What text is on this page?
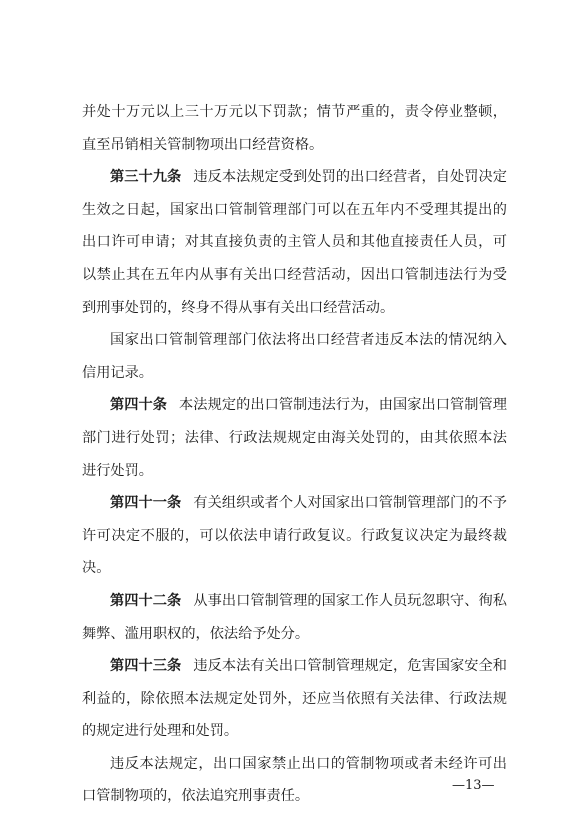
并处十万元以上三十万元以下罚款；情节严重的，责令停业整顿，直至吊销相关管制物项出口经营资格。

第三十九条 违反本法规定受到处罚的出口经营者，自处罚决定生效之日起，国家出口管制管理部门可以在五年内不受理其提出的出口许可申请；对其直接负责的主管人员和其他直接责任人员，可以禁止其在五年内从事有关出口经营活动，因出口管制违法行为受到刑事处罚的，终身不得从事有关出口经营活动。

国家出口管制管理部门依法将出口经营者违反本法的情况纳入信用记录。

第四十条 本法规定的出口管制违法行为，由国家出口管制管理部门进行处罚；法律、行政法规规定由海关处罚的，由其依照本法进行处罚。

第四十一条 有关组织或者个人对国家出口管制管理部门的不予许可决定不服的，可以依法申请行政复议。行政复议决定为最终裁决。

第四十二条 从事出口管制管理的国家工作人员玩忽职守、徇私舞弊、滥用职权的，依法给予处分。

第四十三条 违反本法有关出口管制管理规定，危害国家安全和利益的，除依照本法规定处罚外，还应当依照有关法律、行政法规的规定进行处理和处罚。

违反本法规定，出口国家禁止出口的管制物项或者未经许可出口管制物项的，依法追究刑事责任。

—13—
